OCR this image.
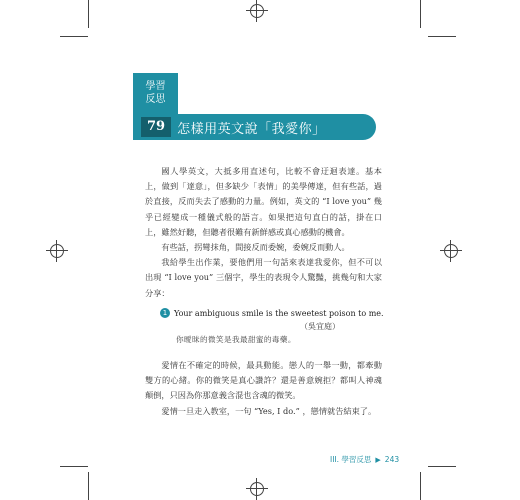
學習
反思
79 怎樣用英文說「我愛你」

國人學英文，大抵多用直述句，比較不會迂迴表達。基本上，做到「達意」，但多缺少「表情」的美學傳達，但有些話，過於直接，反而失去了感動的力量。例如，英文的 “I love you” 幾乎已經變成一種儀式般的語言。如果把這句直白的話，掛在口上，雖然好聽，但聽者很難有新鮮感或真心感動的機會。

有些話，拐彎抹角，間接反而委婉，委婉反而動人。

我給學生出作業，要他們用一句話來表達我愛你，但不可以出現 “I love you” 三個字，學生的表現令人驚豔，挑幾句和大家分享：

1 Your ambiguous smile is the sweetest poison to me.
（吳宜庭）
你曖昧的微笑是我最甜蜜的毒藥。

愛情在不確定的時候，最具動能。戀人的一舉一動，都牽動雙方的心緒。你的微笑是真心讚許？還是善意婉拒？都叫人神魂顛倒，只因為你那意義含混也含魂的微笑。

愛情一旦走入教室，一句 “Yes, I do.” ，戀情就告結束了。

III. 學習反思 ▶ 243
